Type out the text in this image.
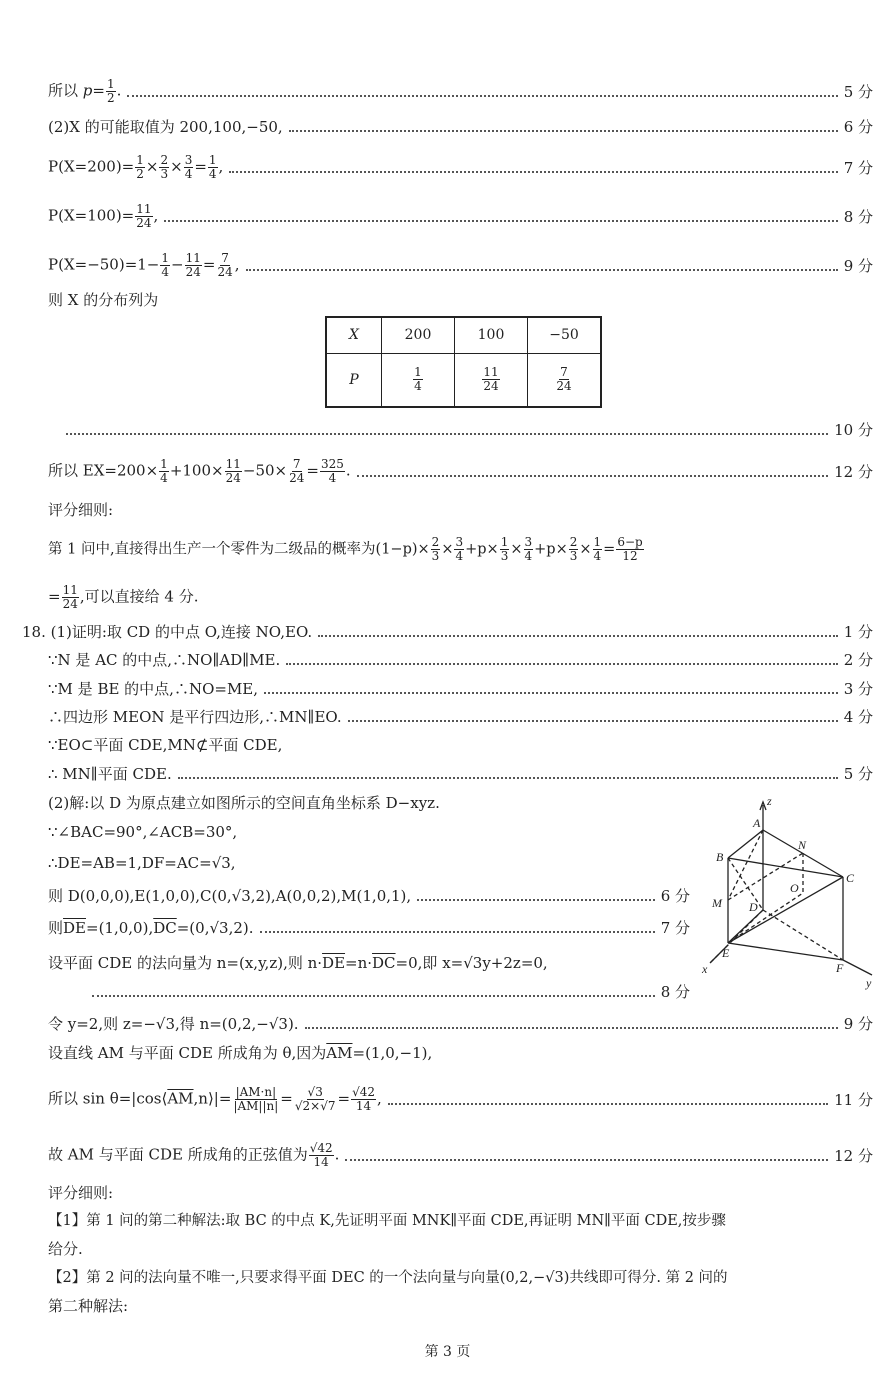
所以 $p= \frac{1}{2}$ .	5 分
(2)X 的可能取值为 200,100,−50,	6 分
$P(X=200)= \frac{1}{2} \times \frac{2}{3} \times \frac{3}{4} = \frac{1}{4}$ ,	7 分
$P(X=100)= \frac{11}{24}$ ,	8 分
$P(X=-50)=1- \frac{1}{4} - \frac{11}{24} = \frac{7}{24}$ ,	9 分
则 X 的分布列为
X	200	100	−50
P	$\frac{1}{4}$	$\frac{11}{24}$	$\frac{7}{24}$
10 分
所以 $EX=200\times \frac{1}{4} +100\times \frac{11}{24} -50\times \frac{7}{24} = \frac{325}{4}$ .	12 分
评分细则:
第 1 问中,直接得出生产一个零件为二级品的概率为$(1-p)\times \frac{2}{3} \times \frac{3}{4} +p\times \frac{1}{3} \times \frac{3}{4} +p\times \frac{2}{3} \times \frac{1}{4} = \frac{6-p}{12}$
= $\frac{11}{24}$ ,可以直接给 4 分.
18. (1)证明:取 CD 的中点 O,连接 NO,EO.	1 分
∵N 是 AC 的中点,∴NO∥AD∥ME.	2 分
∵M 是 BE 的中点,∴NO=ME,	3 分
∴四边形 MEON 是平行四边形,∴MN∥EO.	4 分
∵EO⊂平面 CDE,MN⊄平面 CDE,
∴ MN∥平面 CDE.	5 分
(2)解:以 D 为原点建立如图所示的空间直角坐标系 D−xyz.
∵∠BAC=90°,∠ACB=30°,
∴DE=AB=1,DF=AC=√3,
则 D(0,0,0),E(1,0,0),C(0,√3,2),A(0,0,2),M(1,0,1),	6 分
则$\overline{DE}=(1,0,0),\overline{DC}=(0,√3,2)$.	7 分
设平面 CDE 的法向量为 n=(x,y,z),则 $n\cdot\overline{DE}=n\cdot\overline{DC}=0$,即 x=√3y+2z=0,
8 分
令 y=2,则 z=−√3,得 n=(0,2,−√3).	9 分
设直线 AM 与平面 CDE 所成角为 θ,因为$\overline{AM}=(1,0,-1)$,
所以 $\sin \theta=|\cos⟨\overline{AM},n⟩|= \frac{|AM\cdot n|}{|AM||n|} = \frac{√3}{√2\times√7} = \frac{√42}{14}$ ,	11 分
故 AM 与平面 CDE 所成角的正弦值为 $\frac{√42}{14}$ .	12 分
评分细则:
【1】第 1 问的第二种解法:取 BC 的中点 K,先证明平面 MNK∥平面 CDE,再证明 MN∥平面 CDE,按步骤
给分.
【2】第 2 问的法向量不唯一,只要求得平面 DEC 的一个法向量与向量(0,2,−√3)共线即可得分. 第 2 问的
第二种解法:
z
A
N
B
C
O
M D
E
F
x
y
第 3 页
